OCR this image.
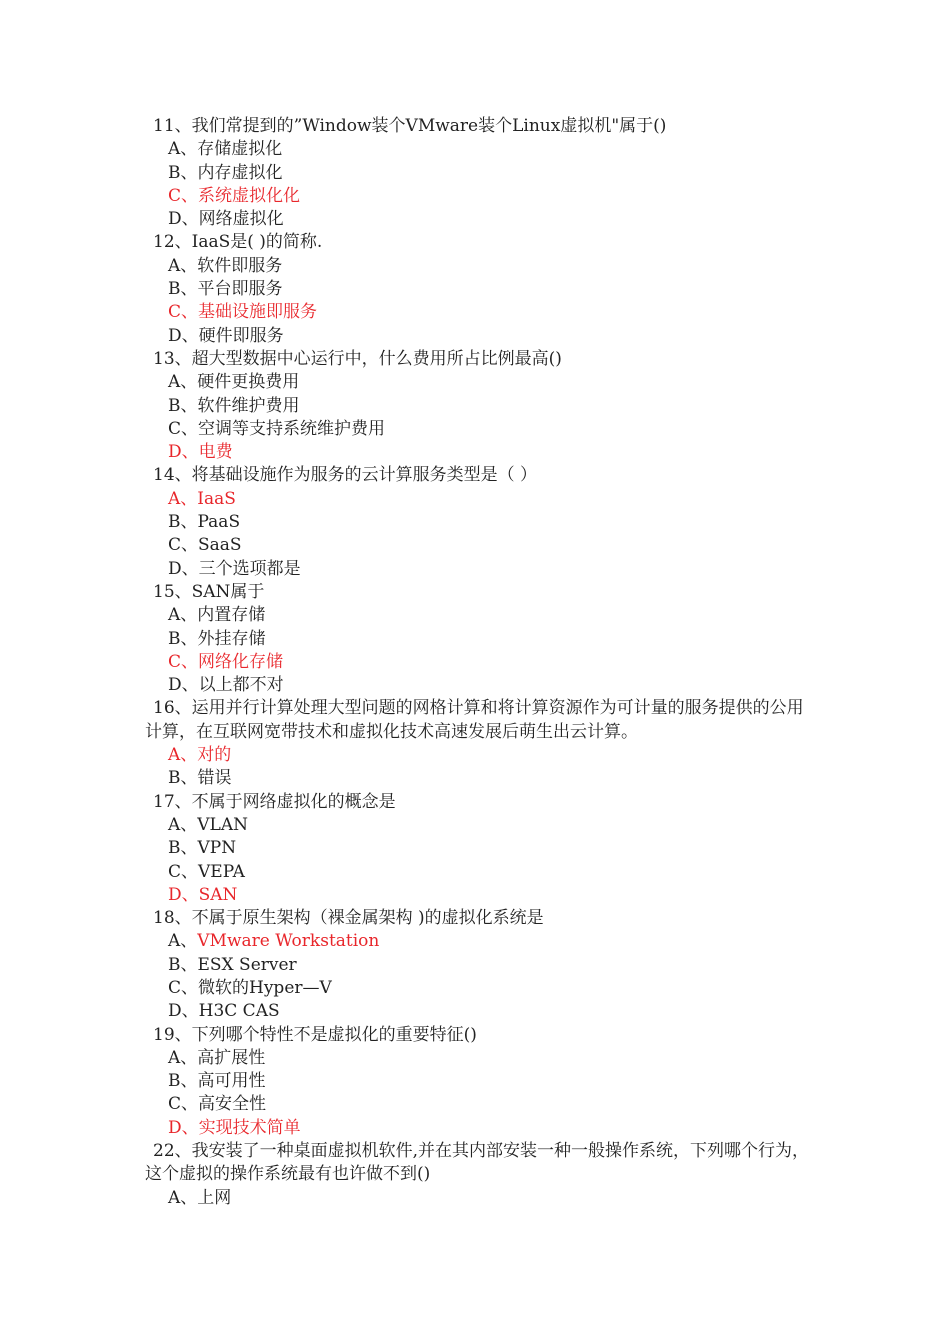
11、我们常提到的”Window装个VMware装个Linux虚拟机"属于()
A、存储虚拟化
B、内存虚拟化
C、系统虚拟化化
D、网络虚拟化
12、IaaS是( )的简称.
A、软件即服务
B、平台即服务
C、基础设施即服务
D、硬件即服务
13、超大型数据中心运行中，什么费用所占比例最高()
A、硬件更换费用
B、软件维护费用
C、空调等支持系统维护费用
D、电费
14、将基础设施作为服务的云计算服务类型是（ ）
A、IaaS
B、PaaS
C、SaaS
D、三个选项都是
15、SAN属于
A、内置存储
B、外挂存储
C、网络化存储
D、以上都不对
16、运用并行计算处理大型问题的网格计算和将计算资源作为可计量的服务提供的公用计算，在互联网宽带技术和虚拟化技术高速发展后萌生出云计算。
A、对的
B、错误
17、不属于网络虚拟化的概念是
A、VLAN
B、VPN
C、VEPA
D、SAN
18、不属于原生架构（裸金属架构 )的虚拟化系统是
A、VMware Workstation
B、ESX Server
C、微软的Hyper—V
D、H3C CAS
19、下列哪个特性不是虚拟化的重要特征()
A、高扩展性
B、高可用性
C、高安全性
D、实现技术简单
22、我安装了一种桌面虚拟机软件,并在其内部安装一种一般操作系统，下列哪个行为，这个虚拟的操作系统最有也许做不到()
A、上网
